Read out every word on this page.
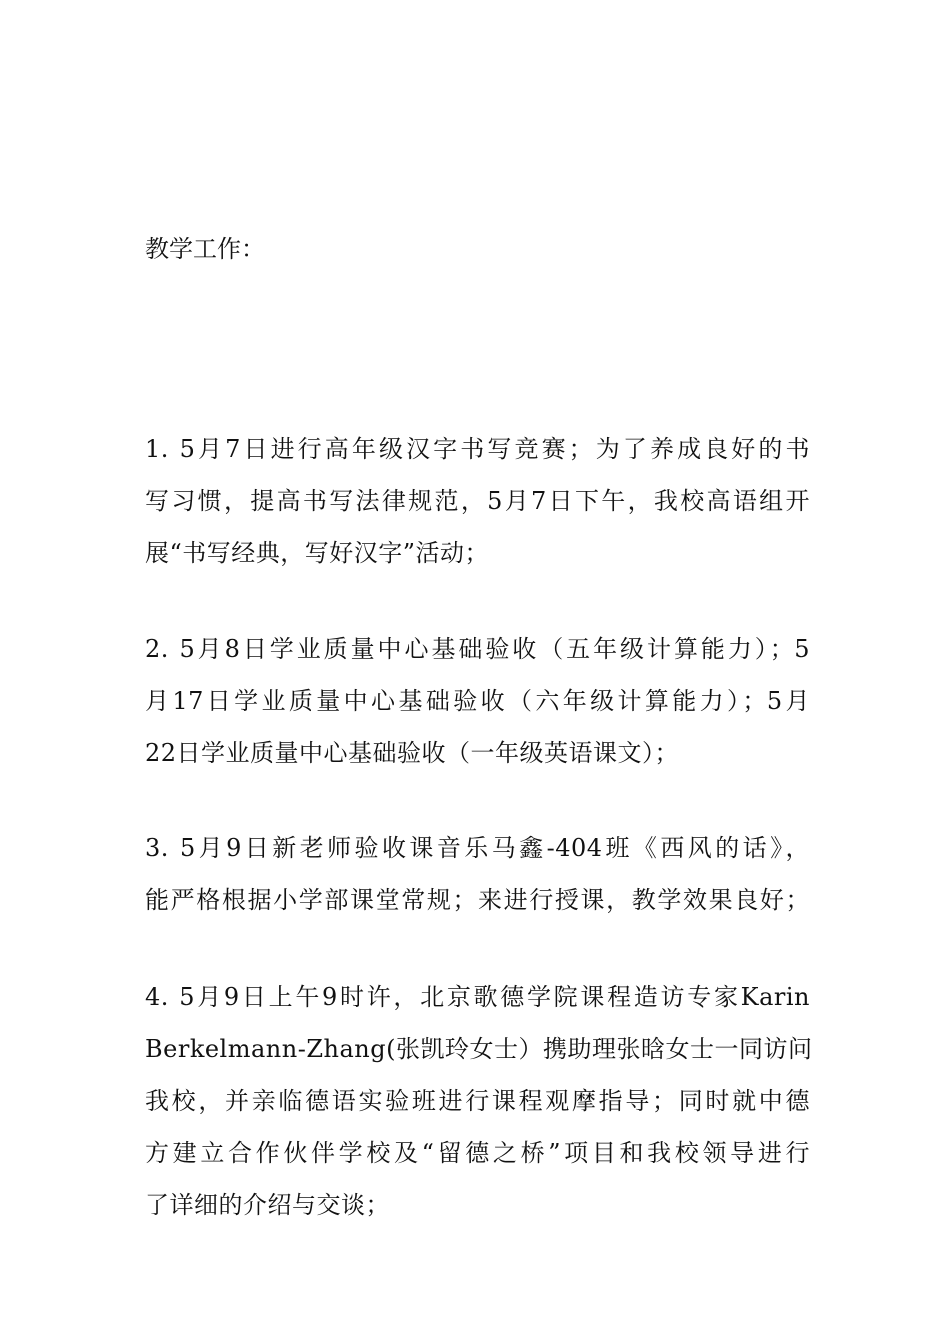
教学工作：
1. 5月7日进行高年级汉字书写竞赛；为了养成良好的书
写习惯，提高书写法律规范，5月7日下午，我校高语组开
展“书写经典，写好汉字”活动；
2. 5月8日学业质量中心基础验收（五年级计算能力）；5
月17日学业质量中心基础验收（六年级计算能力）；5月
22日学业质量中心基础验收（一年级英语课文）；
3. 5月9日新老师验收课音乐马鑫-404班《西风的话》，
能严格根据小学部课堂常规；来进行授课，教学效果良好；
4. 5月9日上午9时许，北京歌德学院课程造访专家Karin
Berkelmann-Zhang(张凯玲女士）携助理张晗女士一同访问
我校，并亲临德语实验班进行课程观摩指导；同时就中德
方建立合作伙伴学校及“留德之桥”项目和我校领导进行
了详细的介绍与交谈；
